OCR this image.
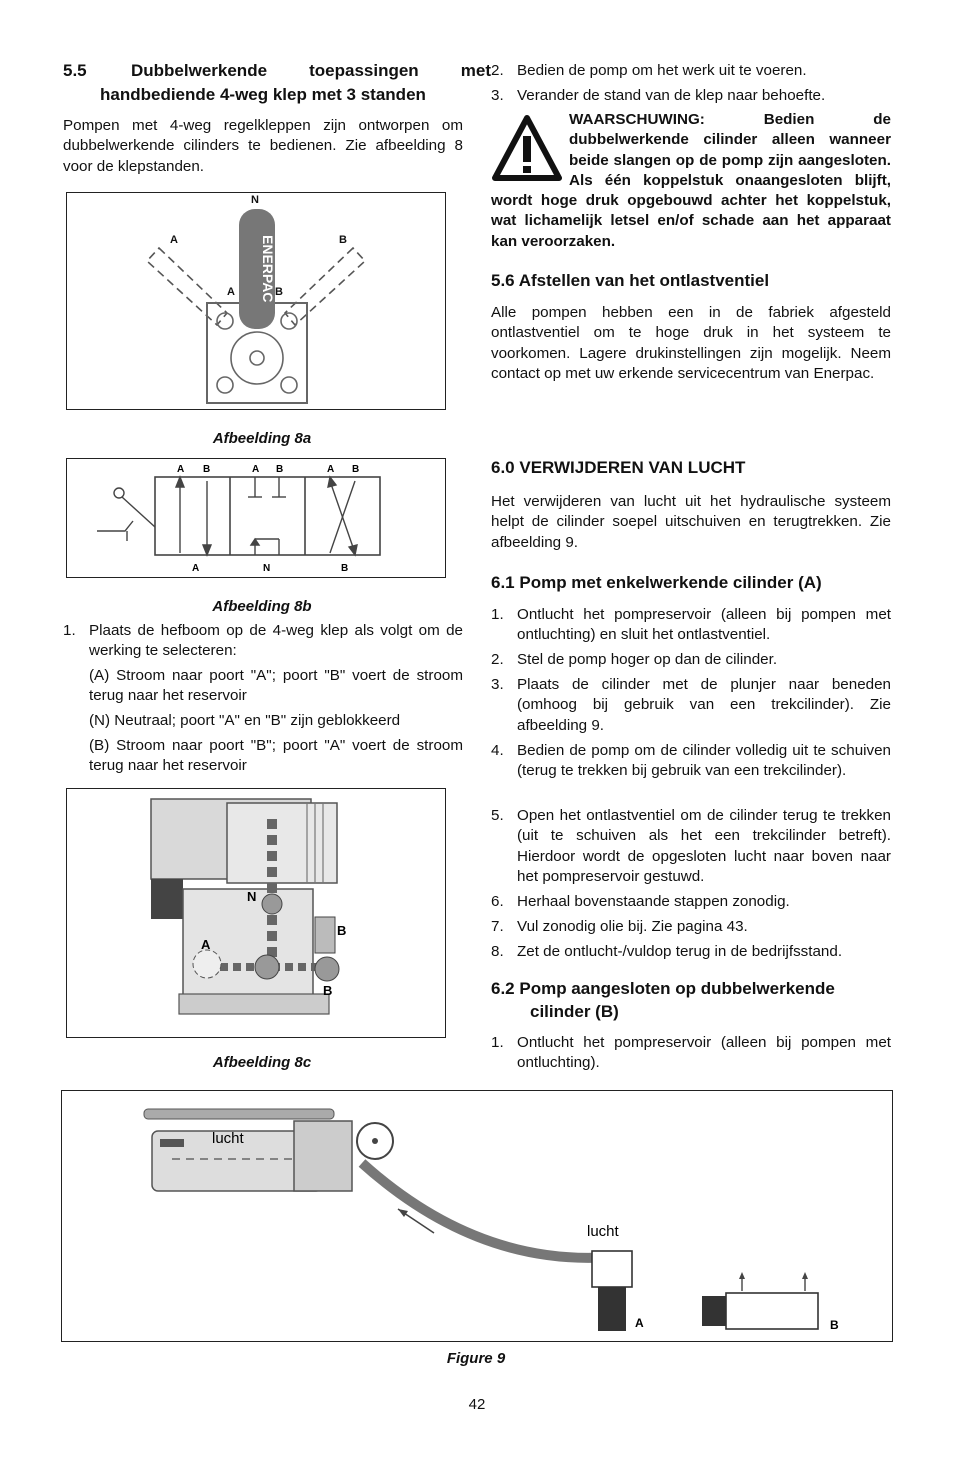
5.5	Dubbelwerkende toepassingen met
handbediende 4-weg klep met 3 standen

Pompen met 4-weg regelkleppen zijn ontworpen om dubbelwerkende cilinders te bedienen. Zie afbeelding 8 voor de klepstanden.

ENERPAC
N
A	B
A	B
Afbeelding 8a
A B	A B	A B
A	N	B
Afbeelding 8b
1. Plaats de hefboom op de 4-weg klep als volgt om de werking te selecteren:

(A) Stroom naar poort "A"; poort "B" voert de stroom terug naar het reservoir

(N) Neutraal; poort "A" en "B" zijn geblokkeerd

(B) Stroom naar poort "B"; poort "A" voert de stroom terug naar het reservoir

N
A
B
B
Afbeelding 8c
2. Bedien de pomp om het werk uit te voeren.
3. Verander de stand van de klep naar behoefte.

WAARSCHUWING: Bedien de dubbelwerkende cilinder alleen wanneer beide slangen op de pomp zijn aangesloten. Als één koppelstuk onaangesloten blijft, wordt hoge druk opgebouwd achter het koppelstuk, wat lichamelijk letsel en/of schade aan het apparaat kan veroorzaken.

5.6 Afstellen van het ontlastventiel

Alle pompen hebben een in de fabriek afgesteld ontlastventiel om te hoge druk in het systeem te voorkomen. Lagere drukinstellingen zijn mogelijk. Neem contact op met uw erkende servicecentrum van Enerpac.

6.0 VERWIJDEREN VAN LUCHT

Het verwijderen van lucht uit het hydraulische systeem helpt de cilinder soepel uitschuiven en terugtrekken. Zie afbeelding 9.

6.1 Pomp met enkelwerkende cilinder (A)
1. Ontlucht het pompreservoir (alleen bij pompen met ontluchting) en sluit het ontlastventiel.
2. Stel de pomp hoger op dan de cilinder.
3. Plaats de cilinder met de plunjer naar beneden (omhoog bij gebruik van een trekcilinder). Zie afbeelding 9.
4. Bedien de pomp om de cilinder volledig uit te schuiven (terug te trekken bij gebruik van een trekcilinder).
5. Open het ontlastventiel om de cilinder terug te trekken (uit te schuiven als het een trekcilinder betreft). Hierdoor wordt de opgesloten lucht naar boven naar het pompreservoir gestuwd.
6. Herhaal bovenstaande stappen zonodig.
7. Vul zonodig olie bij. Zie pagina 43.
8. Zet de ontlucht-/vuldop terug in de bedrijfsstand.
6.2 Pomp aangesloten op dubbelwerkende
cilinder (B)
1. Ontlucht het pompreservoir (alleen bij pompen met ontluchting).
lucht
lucht
A	B
Figure 9
42
